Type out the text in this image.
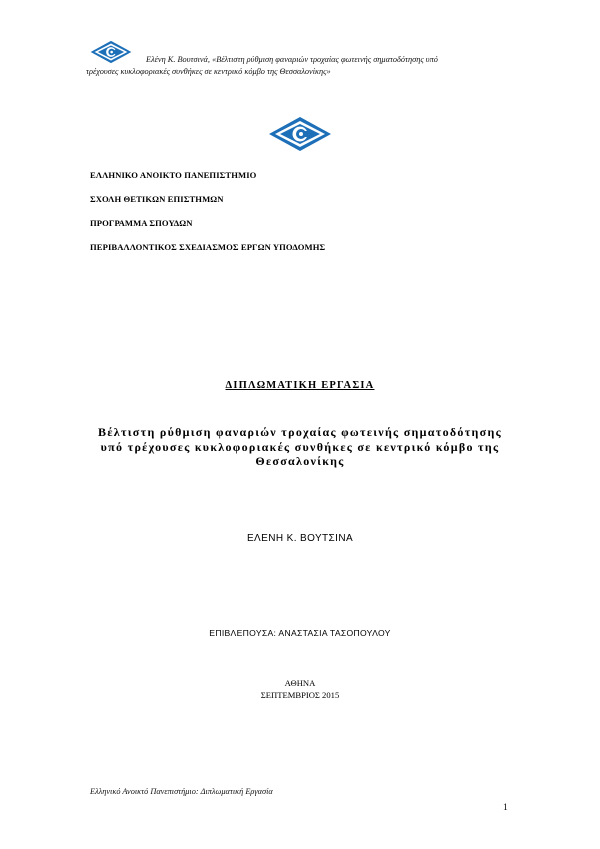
Ελένη Κ. Βουτσινά, «Βέλτιστη ρύθμιση φαναριών τροχαίας φωτεινής σηματοδότησης υπό
τρέχουσες κυκλοφοριακές συνθήκες σε κεντρικό κόμβο της Θεσσαλονίκης»
ΕΛΛΗΝΙΚΟ ΑΝΟΙΚΤΟ ΠΑΝΕΠΙΣΤΗΜΙΟ
ΣΧΟΛΗ ΘΕΤΙΚΩΝ ΕΠΙΣΤΗΜΩΝ
ΠΡΟΓΡΑΜΜΑ ΣΠΟΥΔΩΝ
ΠΕΡΙΒΑΛΛΟΝΤΙΚΟΣ ΣΧΕΔΙΑΣΜΟΣ ΕΡΓΩΝ ΥΠΟΔΟΜΗΣ
ΔΙΠΛΩΜΑΤΙΚΗ ΕΡΓΑΣΙΑ
Βέλτιστη ρύθμιση φαναριών τροχαίας φωτεινής σηματοδότησης υπό τρέχουσες κυκλοφοριακές συνθήκες σε κεντρικό κόμβο της Θεσσαλονίκης
ΕΛΕΝΗ Κ. ΒΟΥΤΣΙΝΑ
ΕΠΙΒΛΕΠΟΥΣΑ: ΑΝΑΣΤΑΣΙΑ ΤΑΣΟΠΟΥΛΟΥ
ΑΘΗΝΑ
ΣΕΠΤΕΜΒΡΙΟΣ 2015
Ελληνικό Ανοικτό Πανεπιστήμιο: Διπλωματική Εργασία
1
